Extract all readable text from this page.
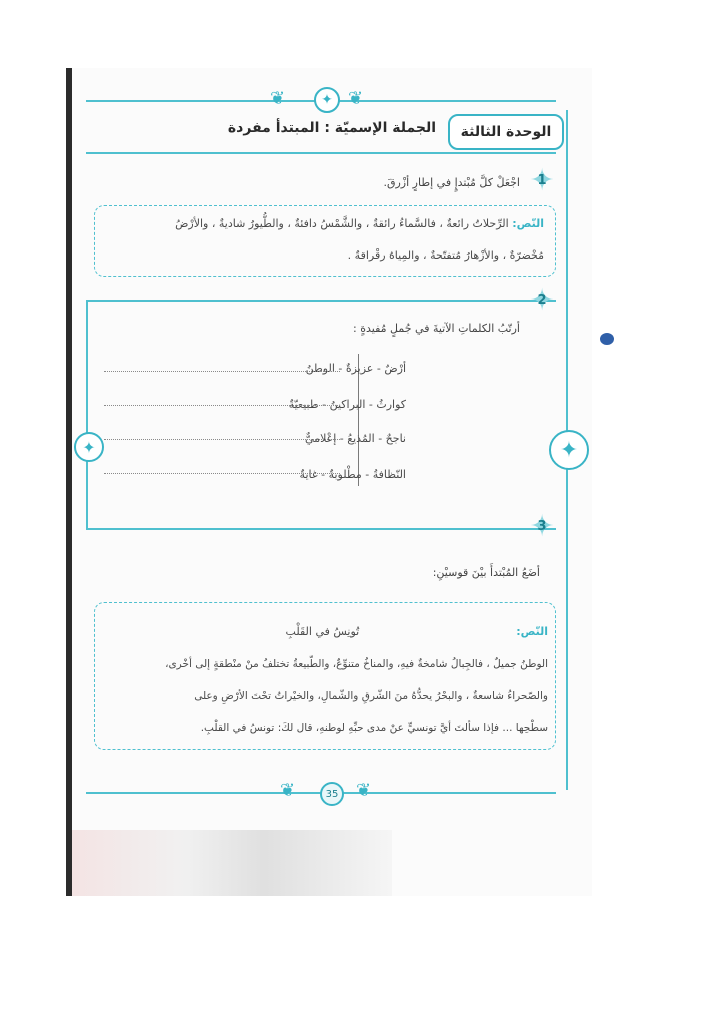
✦
❦	❦
الوحدة الثالثة
الجملة الإسميّة : المبتدأ مفردة
✦ 1
اجْعَلْ كلَّ مُبْتدإٍ في إطارٍ أزْرقَ.
النّص: الرِّحلاتُ رائعةٌ ، فالسَّماءُ رائقةٌ ، والشَّمْسُ دافئةٌ ، والطُّيورُ شاديةٌ ، والأرْضُ
مُخْضرّةٌ ، والأزْهارُ مُتفتّحةٌ ، والمِياهُ رقْراقةٌ .
✦ 2
أرتّبُ الكلماتِ الآتيةَ في جُملٍ مُفيدةٍ :
أرْضٌ - عزيزةٌ - الوطنُ
كوارثُ - البراكينُ - طبيعيّةٌ
ناجحٌ - المُذيعُ - إعْلاميٌّ
النّظافةُ - مطْلوبةٌ - غايةٌ
✦
✦
✦ 3
أضَعُ المُبْتدأَ بيْنَ قوسيْنِ:
النّص:  تُونِسُ في القَلْبِ
الوطنُ جميلٌ ، فالجِبالُ شامخةٌ فيهِ، والمناخُ متنوِّعٌ، والطّبيعةُ تختلفُ منْ منْطقةٍ إلى أخْرى،
والصّحراءُ شاسعةٌ ، والبحْرُ يحدُّهُ منَ الشّرقِ والشّمالِ، والخيْراتُ تحْتَ الأرْضِ وعلى
سطْحِها ... فإذا سألتَ أيَّ تونسيٍّ عنْ مدى حبِّهِ لوطنهِ، قال لكَ: تونسُ في القلْبِ.
❦	❦
35
